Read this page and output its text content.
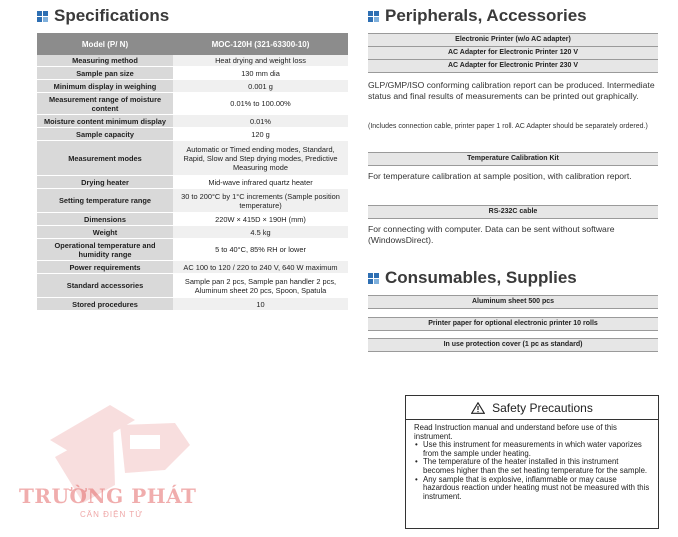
TRƯỜNG PHÁT
CÂN ĐIỆN TỬ
Specifications
Model (P/ N)	MOC-120H (321-63300-10)
Measuring method	Heat drying and weight loss
Sample pan size	130 mm dia
Minimum display in weighing	0.001 g
Measurement range of moisture content	0.01% to 100.00%
Moisture content minimum display	0.01%
Sample capacity	120 g
Measurement modes	Automatic or Timed ending modes, Standard, Rapid, Slow and Step drying modes, Predictive Measuring mode
Drying heater	Mid-wave infrared quartz heater
Setting temperature range	30 to 200°C by 1°C increments (Sample position temperature)
Dimensions	220W × 415D × 190H (mm)
Weight	4.5 kg
Operational temperature and humidity range	5 to 40°C, 85% RH or lower
Power requirements	AC 100 to 120 / 220 to 240 V, 640 W maximum
Standard accessories	Sample pan 2 pcs, Sample pan handler 2 pcs, Aluminum sheet 20 pcs, Spoon, Spatula
Stored procedures	10
Peripherals, Accessories
Electronic Printer (w/o AC adapter)
AC Adapter for Electronic Printer 120 V
AC Adapter for Electronic Printer 230 V
GLP/GMP/ISO conforming calibration report can be produced. Intermediate status and final results of measurements can be printed out graphically.
(Includes connection cable, printer paper 1 roll. AC Adapter should be separately ordered.)
Temperature Calibration Kit
For temperature calibration at sample position, with calibration report.
RS-232C cable
For connecting with computer. Data can be sent without software (WindowsDirect).
Consumables, Supplies
Aluminum sheet 500 pcs
Printer paper for optional electronic printer 10 rolls
In use protection cover (1 pc as standard)
Safety Precautions
Read Instruction manual and understand before use of this instrument.
• Use this instrument for measurements in which water vaporizes from the sample under heating.
• The temperature of the heater installed in this instrument becomes higher than the set heating temperature for the sample.
• Any sample that is explosive, inflammable or may cause hazardous reaction under heating must not be measured with this instrument.
